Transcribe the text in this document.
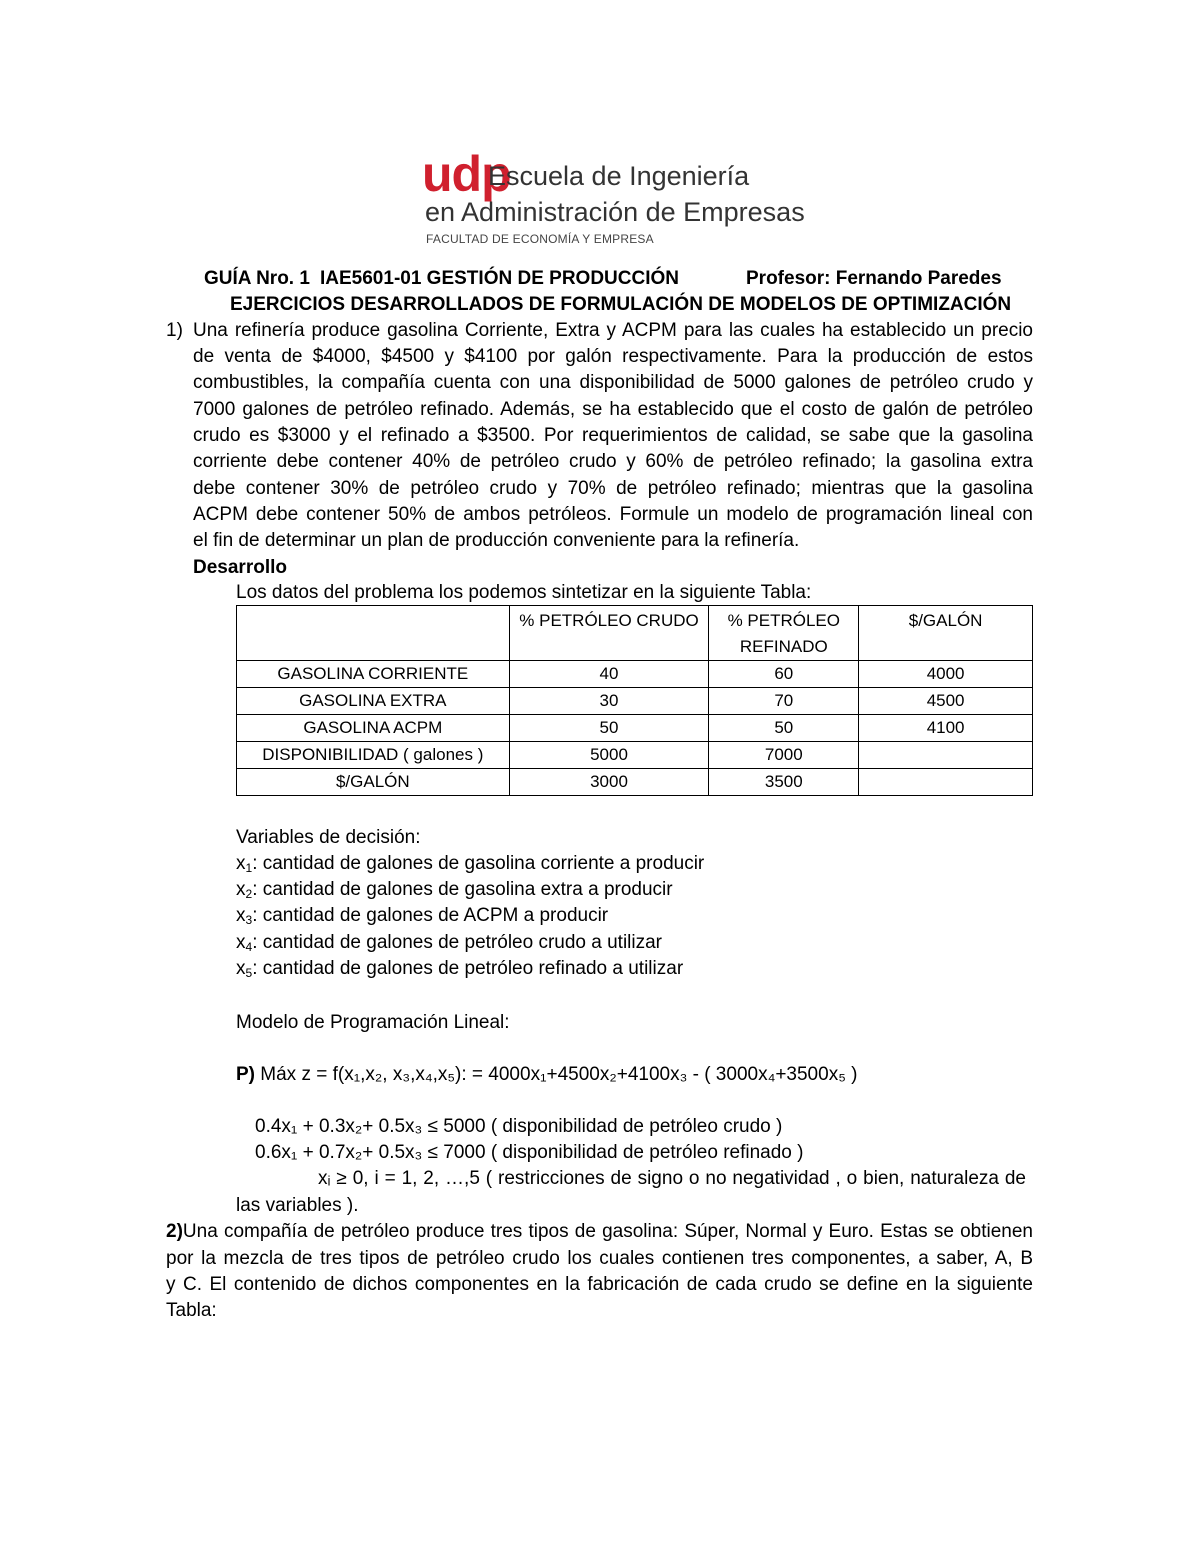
udp
Escuela de Ingeniería
en Administración de Empresas
FACULTAD DE ECONOMÍA Y EMPRESA
GUÍA Nro. 1 IAE5601-01 GESTIÓN DE PRODUCCIÓN	Profesor: Fernando Paredes
EJERCICIOS DESARROLLADOS DE FORMULACIÓN DE MODELOS DE OPTIMIZACIÓN
1) Una refinería produce gasolina Corriente, Extra y ACPM para las cuales ha establecido un precio
de venta de $4000, $4500 y $4100 por galón respectivamente. Para la producción de estos
combustibles, la compañía cuenta con una disponibilidad de 5000 galones de petróleo crudo y
7000 galones de petróleo refinado. Además, se ha establecido que el costo de galón de petróleo
crudo es $3000 y el refinado a $3500. Por requerimientos de calidad, se sabe que la gasolina
corriente debe contener 40% de petróleo crudo y 60% de petróleo refinado; la gasolina extra
debe contener 30% de petróleo crudo y 70% de petróleo refinado; mientras que la gasolina
ACPM debe contener 50% de ambos petróleos. Formule un modelo de programación lineal con
el fin de determinar un plan de producción conveniente para la refinería.
Desarrollo
Los datos del problema los podemos sintetizar en la siguiente Tabla:
	% PETRÓLEO CRUDO	% PETRÓLEO REFINADO	$/GALÓN
GASOLINA CORRIENTE	40	60	4000
GASOLINA EXTRA	30	70	4500
GASOLINA ACPM	50	50	4100
DISPONIBILIDAD ( galones )	5000	7000	
$/GALÓN	3000	3500	
Variables de decisión:
$x_1$: cantidad de galones de gasolina corriente a producir
$x_2$: cantidad de galones de gasolina extra a producir
$x_3$: cantidad de galones de ACPM a producir
$x_4$: cantidad de galones de petróleo crudo a utilizar
$x_5$: cantidad de galones de petróleo refinado a utilizar
Modelo de Programación Lineal:
P) Máx z = f(x₁,x₂, x₃,x₄,x₅): = 4000x₁+4500x₂+4100x₃ - ( 3000x₄+3500x₅ )
0.4x₁ + 0.3x₂+ 0.5x₃ ≤ 5000 ( disponibilidad de petróleo crudo )
0.6x₁ + 0.7x₂+ 0.5x₃ ≤ 7000 ( disponibilidad de petróleo refinado )
xᵢ ≥ 0, i = 1, 2, …,5 ( restricciones de signo o no negatividad , o bien, naturaleza de
las variables ).
2)Una compañía de petróleo produce tres tipos de gasolina: Súper, Normal y Euro. Estas se obtienen
por la mezcla de tres tipos de petróleo crudo los cuales contienen tres componentes, a saber, A, B
y C. El contenido de dichos componentes en la fabricación de cada crudo se define en la siguiente
Tabla:
